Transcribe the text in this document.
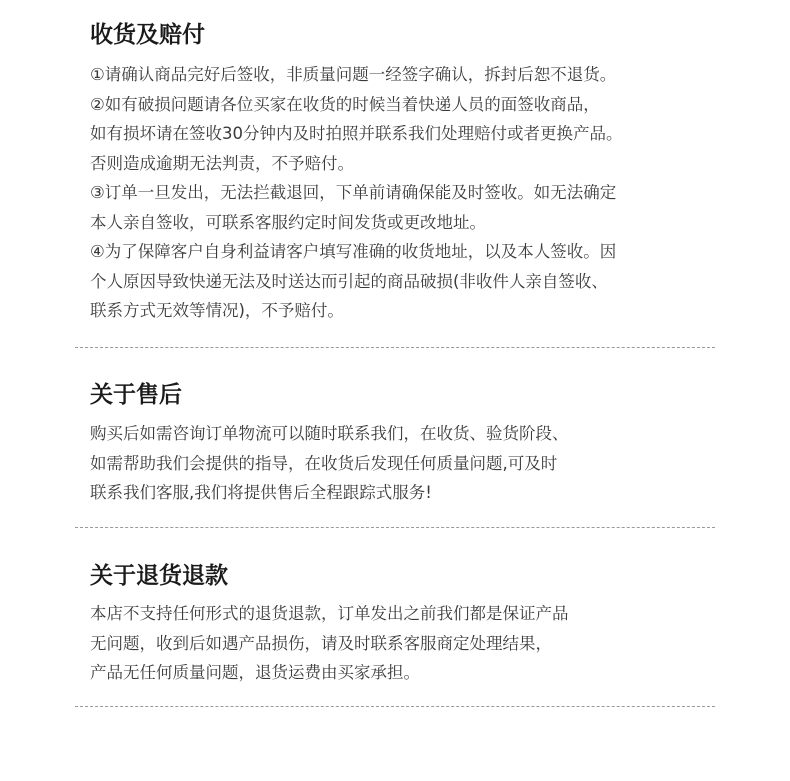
收货及赔付
①请确认商品完好后签收，非质量问题一经签字确认，拆封后恕不退货。
②如有破损问题请各位买家在收货的时候当着快递人员的面签收商品，
如有损坏请在签收30分钟内及时拍照并联系我们处理赔付或者更换产品。
否则造成逾期无法判责，不予赔付。
③订单一旦发出，无法拦截退回，下单前请确保能及时签收。如无法确定
本人亲自签收，可联系客服约定时间发货或更改地址。
④为了保障客户自身利益请客户填写准确的收货地址，以及本人签收。因
个人原因导致快递无法及时送达而引起的商品破损(非收件人亲自签收、
联系方式无效等情况)，不予赔付。
关于售后
购买后如需咨询订单物流可以随时联系我们，在收货、验货阶段、
如需帮助我们会提供的指导，在收货后发现任何质量问题,可及时
联系我们客服,我们将提供售后全程跟踪式服务!
关于退货退款
本店不支持任何形式的退货退款，订单发出之前我们都是保证产品
无问题，收到后如遇产品损伤，请及时联系客服商定处理结果，
产品无任何质量问题，退货运费由买家承担。
